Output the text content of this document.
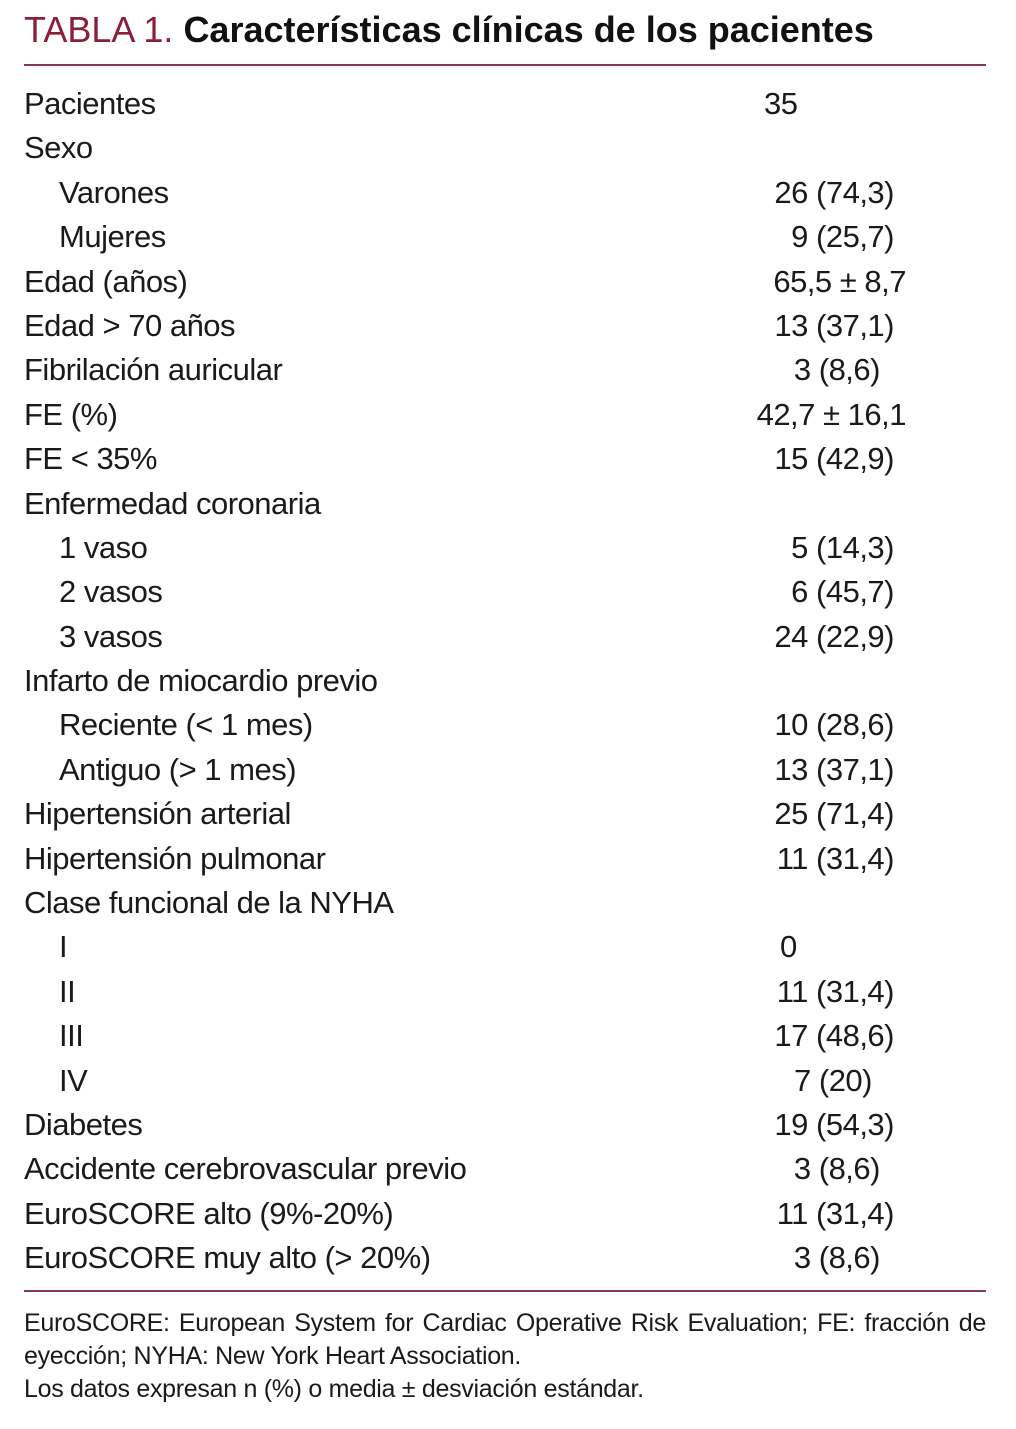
TABLA 1. Características clínicas de los pacientes
Pacientes	35
Sexo
Varones	26 (74,3)
Mujeres	9 (25,7)
Edad (años)	65,5 ± 8,7
Edad > 70 años	13 (37,1)
Fibrilación auricular	3 (8,6)
FE (%)	42,7 ± 16,1
FE < 35%	15 (42,9)
Enfermedad coronaria
1 vaso	5 (14,3)
2 vasos	6 (45,7)
3 vasos	24 (22,9)
Infarto de miocardio previo
Reciente (< 1 mes)	10 (28,6)
Antiguo (> 1 mes)	13 (37,1)
Hipertensión arterial	25 (71,4)
Hipertensión pulmonar	11 (31,4)
Clase funcional de la NYHA
I	0
II	11 (31,4)
III	17 (48,6)
IV	7 (20)
Diabetes	19 (54,3)
Accidente cerebrovascular previo	3 (8,6)
EuroSCORE alto (9%-20%)	11 (31,4)
EuroSCORE muy alto (> 20%)	3 (8,6)

EuroSCORE: European System for Cardiac Operative Risk Evaluation; FE: fracción de eyección; NYHA: New York Heart Association.

Los datos expresan n (%) o media ± desviación estándar.
